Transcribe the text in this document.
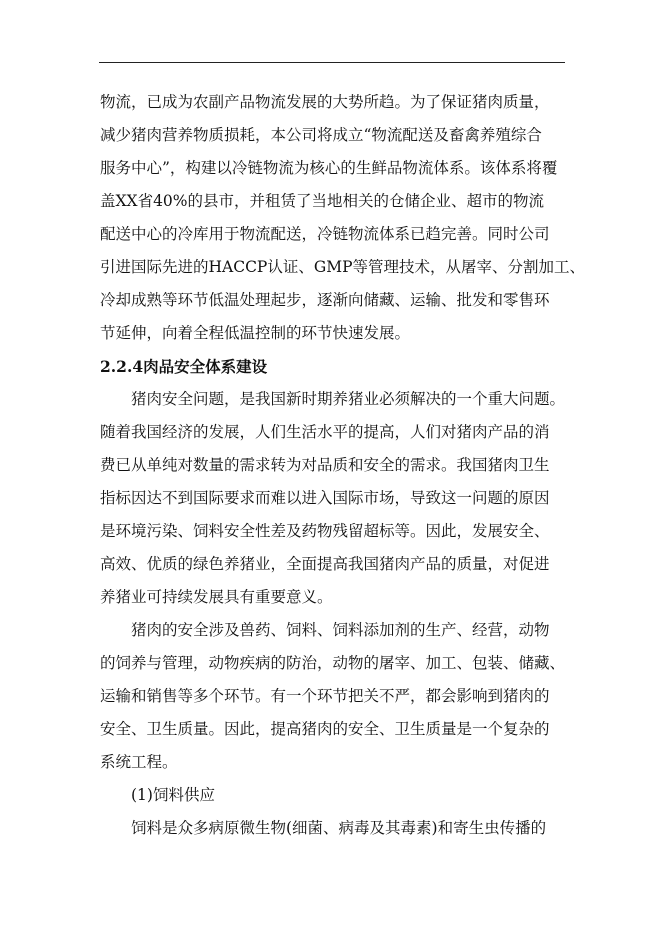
物流，已成为农副产品物流发展的大势所趋。为了保证猪肉质量，
减少猪肉营养物质损耗，本公司将成立“物流配送及畜禽养殖综合
服务中心”，构建以冷链物流为核心的生鲜品物流体系。该体系将覆
盖XX省40%的县市，并租赁了当地相关的仓储企业、超市的物流
配送中心的冷库用于物流配送，冷链物流体系已趋完善。同时公司
引进国际先进的HACCP认证、GMP等管理技术，从屠宰、分割加工、
冷却成熟等环节低温处理起步，逐渐向储藏、运输、批发和零售环
节延伸，向着全程低温控制的环节快速发展。
2.2.4肉品安全体系建设
猪肉安全问题，是我国新时期养猪业必须解决的一个重大问题。
随着我国经济的发展，人们生活水平的提高，人们对猪肉产品的消
费已从单纯对数量的需求转为对品质和安全的需求。我国猪肉卫生
指标因达不到国际要求而难以进入国际市场，导致这一问题的原因
是环境污染、饲料安全性差及药物残留超标等。因此，发展安全、
高效、优质的绿色养猪业，全面提高我国猪肉产品的质量，对促进
养猪业可持续发展具有重要意义。
猪肉的安全涉及兽药、饲料、饲料添加剂的生产、经营，动物
的饲养与管理，动物疾病的防治，动物的屠宰、加工、包装、储藏、
运输和销售等多个环节。有一个环节把关不严，都会影响到猪肉的
安全、卫生质量。因此，提高猪肉的安全、卫生质量是一个复杂的
系统工程。
(1)饲料供应
饲料是众多病原微生物(细菌、病毒及其毒素)和寄生虫传播的
